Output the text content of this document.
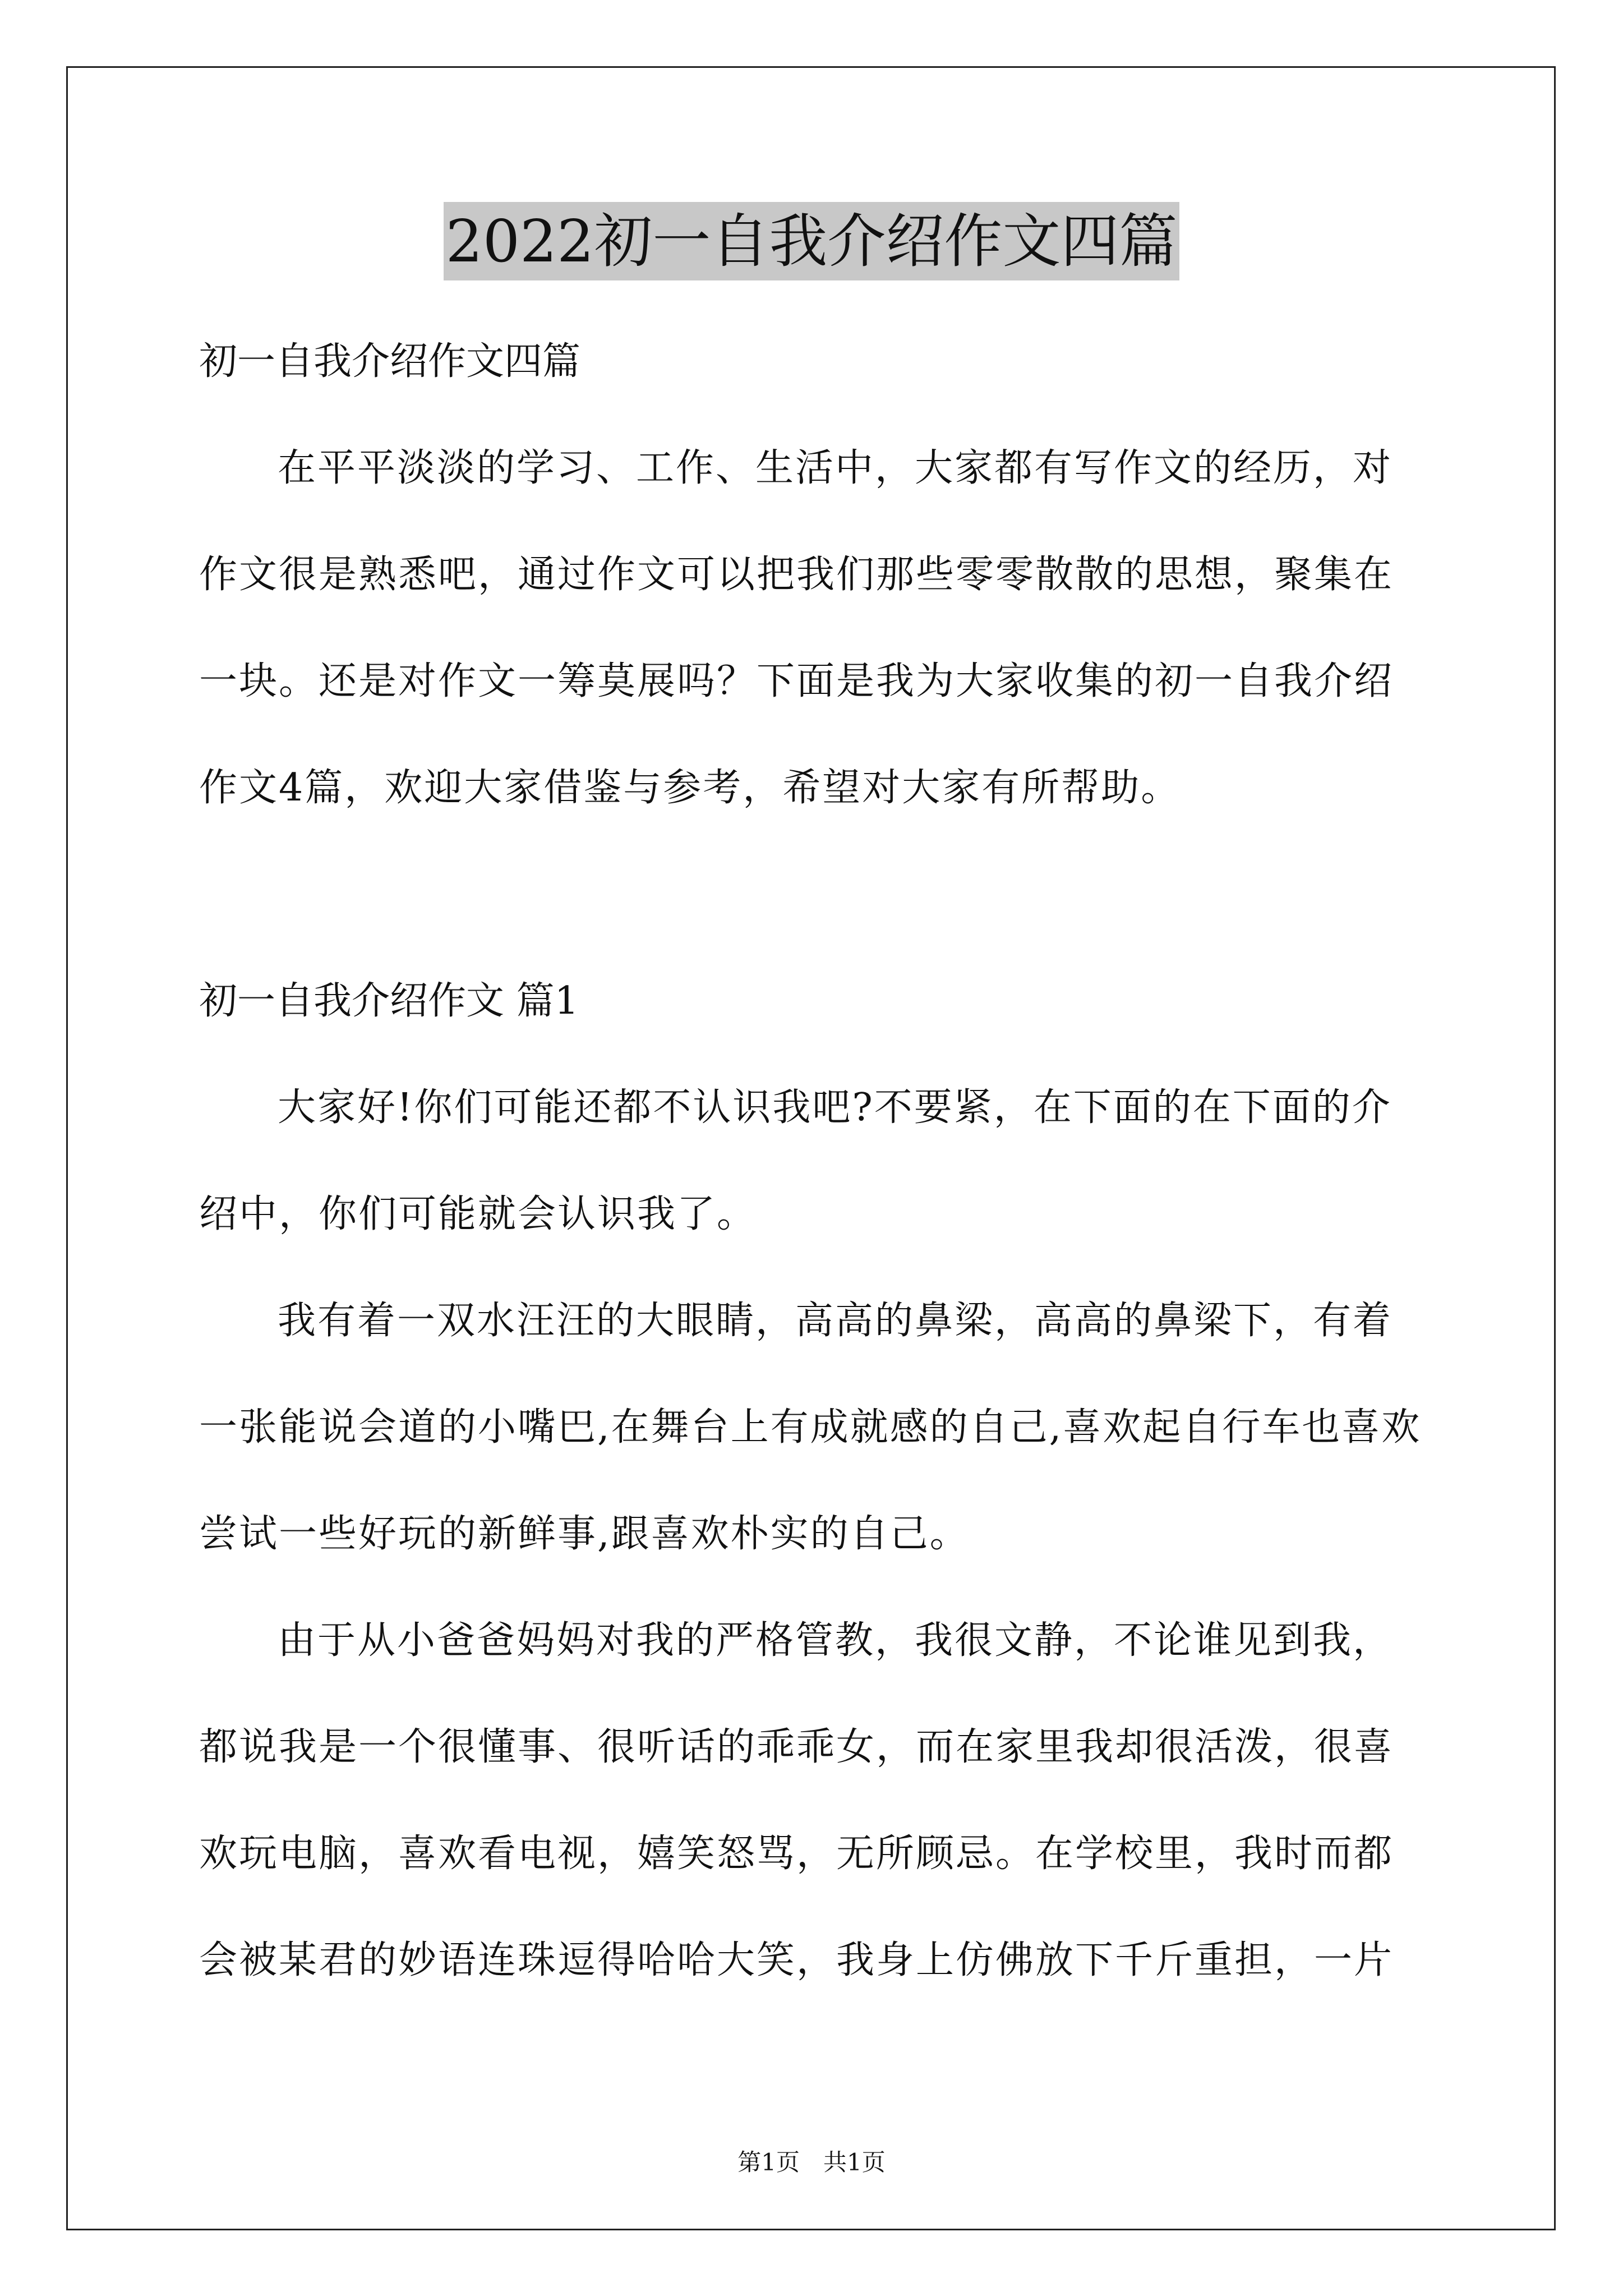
2022初一自我介绍作文四篇

初一自我介绍作文四篇

在平平淡淡的学习、工作、生活中，大家都有写作文的经历，对作文很是熟悉吧，通过作文可以把我们那些零零散散的思想，聚集在一块。还是对作文一筹莫展吗？下面是我为大家收集的初一自我介绍作文4篇，欢迎大家借鉴与参考，希望对大家有所帮助。

初一自我介绍作文 篇1

大家好!你们可能还都不认识我吧?不要紧，在下面的在下面的介绍中，你们可能就会认识我了。

我有着一双水汪汪的大眼睛，高高的鼻梁，高高的鼻梁下，有着一张能说会道的小嘴巴,在舞台上有成就感的自己,喜欢起自行车也喜欢尝试一些好玩的新鲜事,跟喜欢朴实的自己。

由于从小爸爸妈妈对我的严格管教，我很文静，不论谁见到我，都说我是一个很懂事、很听话的乖乖女，而在家里我却很活泼，很喜欢玩电脑，喜欢看电视，嬉笑怒骂，无所顾忌。在学校里，我时而都会被某君的妙语连珠逗得哈哈大笑，我身上仿佛放下千斤重担，一片

第1页　共1页
